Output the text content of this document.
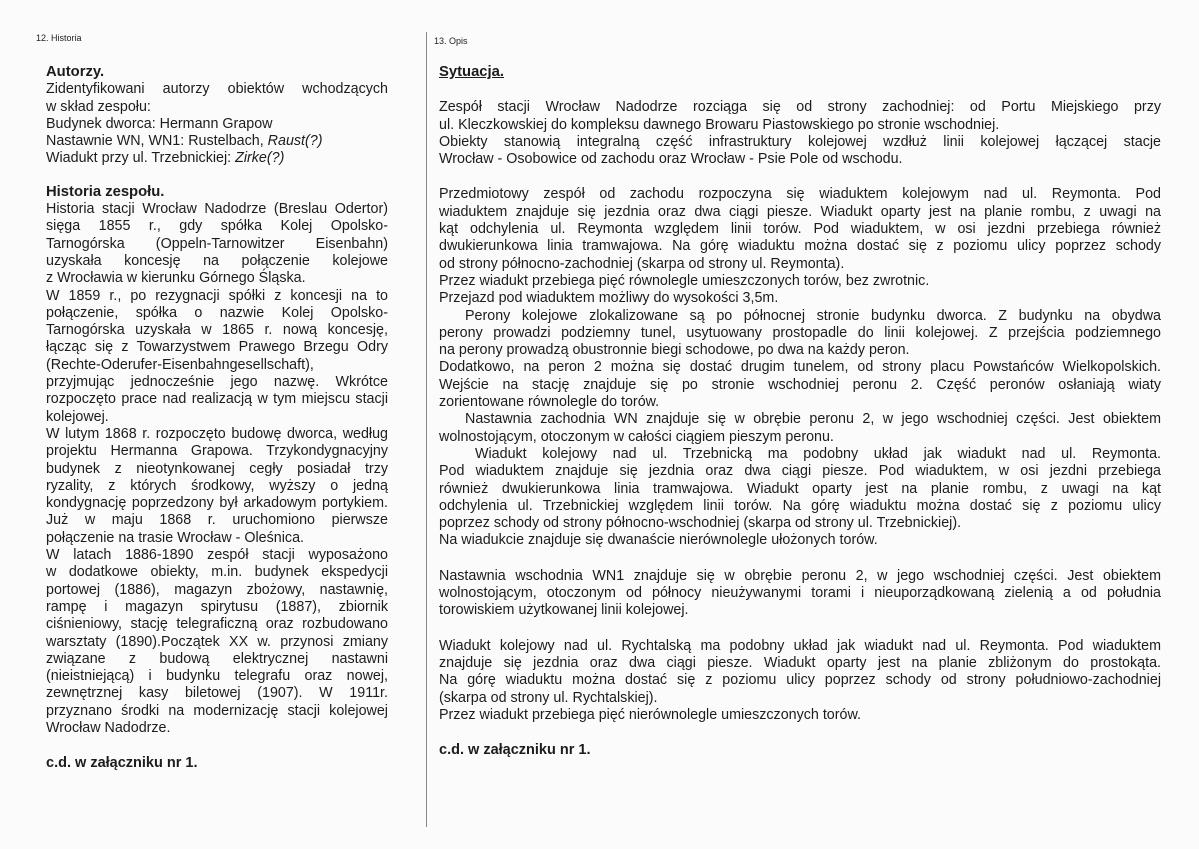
12. Historia	13. Opis

Autorzy.

Zidentyfikowani autorzy obiektów wchodzących

w skład zespołu:

Budynek dworca: Hermann Grapow

Nastawnie WN, WN1: Rustelbach, Raust(?)

Wiadukt przy ul. Trzebnickiej: Zirke(?)

Historia zespołu.

Historia stacji Wrocław Nadodrze (Breslau Odertor)

sięga 1855 r., gdy spółka Kolej Opolsko-

Tarnogórska (Oppeln-Tarnowitzer Eisenbahn)

uzyskała koncesję na połączenie kolejowe

z Wrocławia w kierunku Górnego Śląska.

W 1859 r., po rezygnacji spółki z koncesji na to

połączenie, spółka o nazwie Kolej Opolsko-

Tarnogórska uzyskała w 1865 r. nową koncesję,

łącząc się z Towarzystwem Prawego Brzegu Odry

(Rechte-Oderufer-Eisenbahngesellschaft),

przyjmując jednocześnie jego nazwę. Wkrótce

rozpoczęto prace nad realizacją w tym miejscu stacji

kolejowej.

W lutym 1868 r. rozpoczęto budowę dworca, według

projektu Hermanna Grapowa. Trzykondygnacyjny

budynek z nieotynkowanej cegły posiadał trzy

ryzality, z których środkowy, wyższy o jedną

kondygnację poprzedzony był arkadowym portykiem.

Już w maju 1868 r. uruchomiono pierwsze

połączenie na trasie Wrocław - Oleśnica.

W latach 1886-1890 zespół stacji wyposażono

w dodatkowe obiekty, m.in. budynek ekspedycji

portowej (1886), magazyn zbożowy, nastawnię,

rampę i magazyn spirytusu (1887), zbiornik

ciśnieniowy, stację telegraficzną oraz rozbudowano

warsztaty (1890).Początek XX w. przynosi zmiany

związane z budową elektrycznej nastawni

(nieistniejącą) i budynku telegrafu oraz nowej,

zewnętrznej kasy biletowej (1907). W 1911r.

przyznano środki na modernizację stacji kolejowej

Wrocław Nadodrze.

c.d. w załączniku nr 1.

Sytuacja.

Zespół stacji Wrocław Nadodrze rozciąga się od strony zachodniej: od Portu Miejskiego przy

ul. Kleczkowskiej do kompleksu dawnego Browaru Piastowskiego po stronie wschodniej.

Obiekty stanowią integralną część infrastruktury kolejowej wzdłuż linii kolejowej łączącej stacje

Wrocław - Osobowice od zachodu oraz Wrocław - Psie Pole od wschodu.

Przedmiotowy zespół od zachodu rozpoczyna się wiaduktem kolejowym nad ul. Reymonta. Pod

wiaduktem znajduje się jezdnia oraz dwa ciągi piesze. Wiadukt oparty jest na planie rombu, z uwagi na

kąt odchylenia ul. Reymonta względem linii torów. Pod wiaduktem, w osi jezdni przebiega również

dwukierunkowa linia tramwajowa. Na górę wiaduktu można dostać się z poziomu ulicy poprzez schody

od strony północno-zachodniej (skarpa od strony ul. Reymonta).

Przez wiadukt przebiega pięć równolegle umieszczonych torów, bez zwrotnic.

Przejazd pod wiaduktem możliwy do wysokości 3,5m.

Perony kolejowe zlokalizowane są po północnej stronie budynku dworca. Z budynku na obydwa

perony prowadzi podziemny tunel, usytuowany prostopadle do linii kolejowej. Z przejścia podziemnego

na perony prowadzą obustronnie biegi schodowe, po dwa na każdy peron.

Dodatkowo, na peron 2 można się dostać drugim tunelem, od strony placu Powstańców Wielkopolskich.

Wejście na stację znajduje się po stronie wschodniej peronu 2. Część peronów osłaniają wiaty

zorientowane równolegle do torów.

Nastawnia zachodnia WN znajduje się w obrębie peronu 2, w jego wschodniej części. Jest obiektem

wolnostojącym, otoczonym w całości ciągiem pieszym peronu.

Wiadukt kolejowy nad ul. Trzebnicką ma podobny układ jak wiadukt nad ul. Reymonta.

Pod wiaduktem znajduje się jezdnia oraz dwa ciągi piesze. Pod wiaduktem, w osi jezdni przebiega

również dwukierunkowa linia tramwajowa. Wiadukt oparty jest na planie rombu, z uwagi na kąt

odchylenia ul. Trzebnickiej względem linii torów. Na górę wiaduktu można dostać się z poziomu ulicy

poprzez schody od strony północno-wschodniej (skarpa od strony ul. Trzebnickiej).

Na wiadukcie znajduje się dwanaście nierównolegle ułożonych torów.

Nastawnia wschodnia WN1 znajduje się w obrębie peronu 2, w jego wschodniej części. Jest obiektem

wolnostojącym, otoczonym od północy nieużywanymi torami i nieuporządkowaną zielenią a od południa

torowiskiem użytkowanej linii kolejowej.

Wiadukt kolejowy nad ul. Rychtalską ma podobny układ jak wiadukt nad ul. Reymonta. Pod wiaduktem

znajduje się jezdnia oraz dwa ciągi piesze. Wiadukt oparty jest na planie zbliżonym do prostokąta.

Na górę wiaduktu można dostać się z poziomu ulicy poprzez schody od strony południowo-zachodniej

(skarpa od strony ul. Rychtalskiej).

Przez wiadukt przebiega pięć nierównolegle umieszczonych torów.

c.d. w załączniku nr 1.
